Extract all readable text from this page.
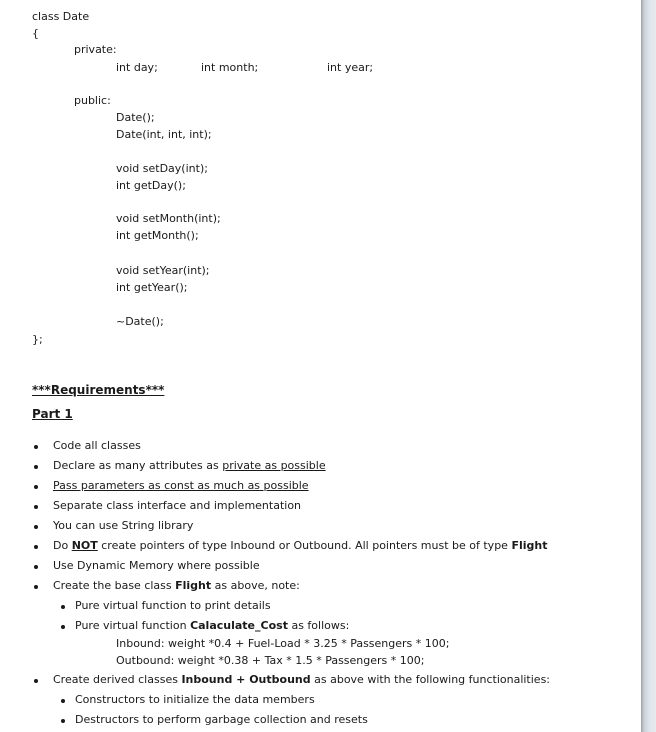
class Date
{
private:
int day;	int month;	int year;
public:
Date();
Date(int, int, int);
void setDay(int);
int getDay();
void setMonth(int);
int getMonth();
void setYear(int);
int getYear();
~Date();
};
***Requirements***
Part 1
Code all classes
Declare as many attributes as private as possible
Pass parameters as const as much as possible
Separate class interface and implementation
You can use String library
Do NOT create pointers of type Inbound or Outbound. All pointers must be of type Flight
Use Dynamic Memory where possible
Create the base class Flight as above, note:
Pure virtual function to print details
Pure virtual function Calaculate_Cost as follows:
Inbound: weight *0.4 + Fuel-Load * 3.25 * Passengers * 100;
Outbound: weight *0.38 + Tax * 1.5 * Passengers * 100;
Create derived classes Inbound + Outbound as above with the following functionalities:
Constructors to initialize the data members
Destructors to perform garbage collection and resets
